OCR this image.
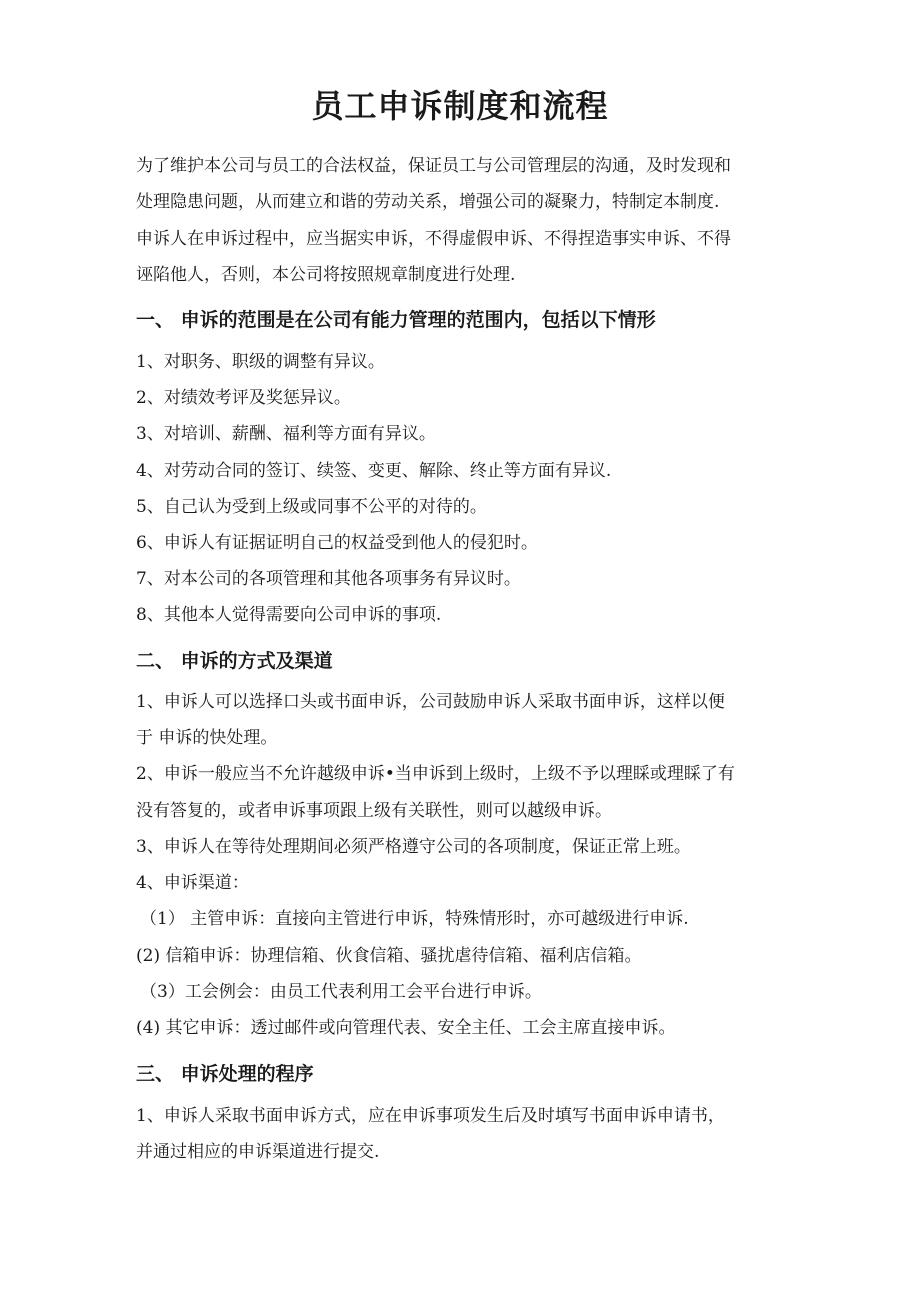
员工申诉制度和流程

为了维护本公司与员工的合法权益，保证员工与公司管理层的沟通，及时发现和

处理隐患问题，从而建立和谐的劳动关系，增强公司的凝聚力，特制定本制度.

申诉人在申诉过程中，应当据实申诉，不得虚假申诉、不得捏造事实申诉、不得

诬陷他人，否则，本公司将按照规章制度进行处理.

一、 申诉的范围是在公司有能力管理的范围内，包括以下情形

1、对职务、职级的调整有异议。

2、对绩效考评及奖惩异议。

3、对培训、薪酬、福利等方面有异议。

4、对劳动合同的签订、续签、变更、解除、终止等方面有异议.

5、自己认为受到上级或同事不公平的对待的。

6、申诉人有证据证明自己的权益受到他人的侵犯时。

7、对本公司的各项管理和其他各项事务有异议时。

8、其他本人觉得需要向公司申诉的事项.

二、 申诉的方式及渠道

1、申诉人可以选择口头或书面申诉，公司鼓励申诉人采取书面申诉，这样以便

于 申诉的快处理。

2、申诉一般应当不允许越级申诉•当申诉到上级时，上级不予以理睬或理睬了有

没有答复的，或者申诉事项跟上级有关联性，则可以越级申诉。

3、申诉人在等待处理期间必须严格遵守公司的各项制度，保证正常上班。

4、申诉渠道：

（1） 主管申诉：直接向主管进行申诉，特殊情形时，亦可越级进行申诉.

(2) 信箱申诉：协理信箱、伙食信箱、骚扰虐待信箱、福利店信箱。

（3）工会例会：由员工代表利用工会平台进行申诉。

(4) 其它申诉：透过邮件或向管理代表、安全主任、工会主席直接申诉。

三、 申诉处理的程序

1、申诉人采取书面申诉方式，应在申诉事项发生后及时填写书面申诉申请书，

并通过相应的申诉渠道进行提交.
